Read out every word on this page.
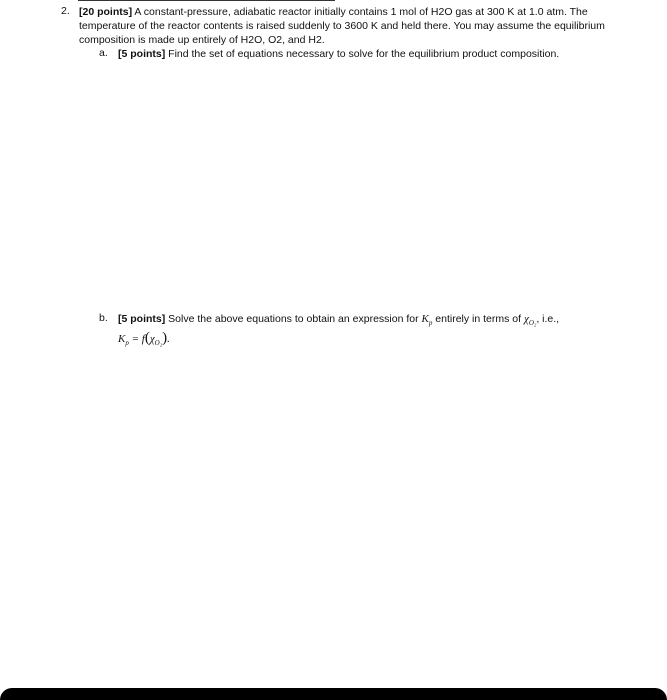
2. [20 points] A constant-pressure, adiabatic reactor initially contains 1 mol of H2O gas at 300 K at 1.0 atm. The temperature of the reactor contents is raised suddenly to 3600 K and held there. You may assume the equilibrium composition is made up entirely of H2O, O2, and H2.
a. [5 points] Find the set of equations necessary to solve for the equilibrium product composition.
b. [5 points] Solve the above equations to obtain an expression for $K_p$ entirely in terms of $\chi_{O_2}$, i.e.,
$K_p = f(\chi_{O_2})$.
